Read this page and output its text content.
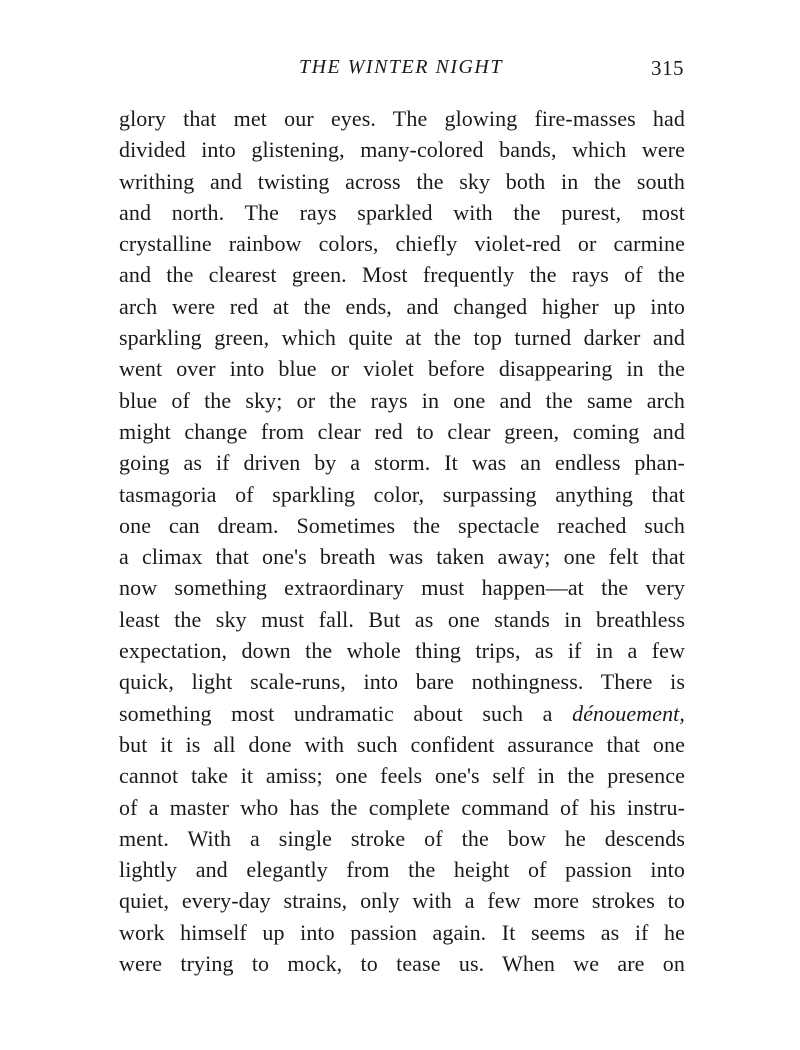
THE WINTER NIGHT	315
glory that met our eyes. The glowing fire-masses had
divided into glistening, many-colored bands, which were
writhing and twisting across the sky both in the south
and north. The rays sparkled with the purest, most
crystalline rainbow colors, chiefly violet-red or carmine
and the clearest green. Most frequently the rays of the
arch were red at the ends, and changed higher up into
sparkling green, which quite at the top turned darker and
went over into blue or violet before disappearing in the
blue of the sky; or the rays in one and the same arch
might change from clear red to clear green, coming and
going as if driven by a storm. It was an endless phan-
tasmagoria of sparkling color, surpassing anything that
one can dream. Sometimes the spectacle reached such
a climax that one's breath was taken away; one felt that
now something extraordinary must happen—at the very
least the sky must fall. But as one stands in breathless
expectation, down the whole thing trips, as if in a few
quick, light scale-runs, into bare nothingness. There is
something most undramatic about such a dénouement,
but it is all done with such confident assurance that one
cannot take it amiss; one feels one's self in the presence
of a master who has the complete command of his instru-
ment. With a single stroke of the bow he descends
lightly and elegantly from the height of passion into
quiet, every-day strains, only with a few more strokes to
work himself up into passion again. It seems as if he
were trying to mock, to tease us. When we are on
